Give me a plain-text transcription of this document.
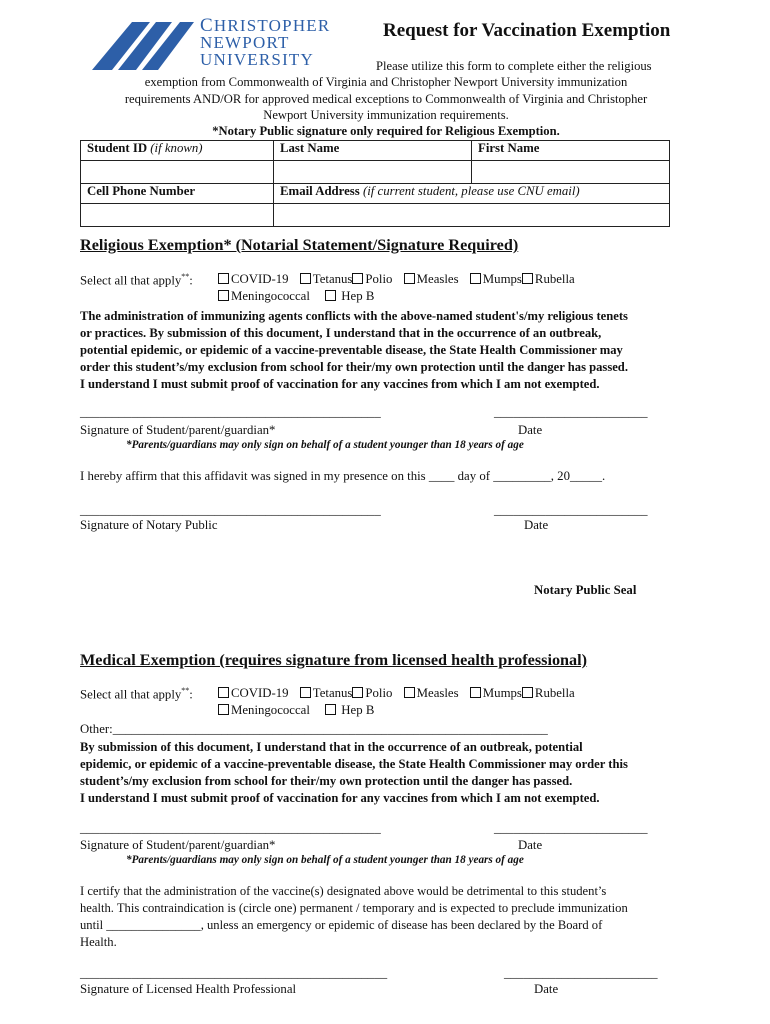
CHRISTOPHER
NEWPORT
UNIVERSITY
Request for Vaccination Exemption
Please utilize this form to complete either the religious
exemption from Commonwealth of Virginia and Christopher Newport University immunization
requirements AND/OR for approved medical exceptions to Commonwealth of Virginia and Christopher
Newport University immunization requirements.
*Notary Public signature only required for Religious Exemption.
Student ID (if known)	Last Name	First Name

Cell Phone Number	Email Address (if current student, please use CNU email)	

Religious Exemption* (Notarial Statement/Signature Required)
Select all that apply**:	COVID-19 Tetanus Polio Measles Mumps Rubella
Meningococcal Hep B
The administration of immunizing agents conflicts with the above-named student's/my religious tenets
or practices. By submission of this document, I understand that in the occurrence of an outbreak,
potential epidemic, or epidemic of a vaccine-preventable disease, the State Health Commissioner may
order this student’s/my exclusion from school for their/my own protection until the danger has passed.
I understand I must submit proof of vaccination for any vaccines from which I am not exempted.
_______________________________________________	________________________
Signature of Student/parent/guardian*	Date
*Parents/guardians may only sign on behalf of a student younger than 18 years of age
I hereby affirm that this affidavit was signed in my presence on this ____ day of _________, 20_____.
_______________________________________________	________________________
Signature of Notary Public	Date
Notary Public Seal
Medical Exemption (requires signature from licensed health professional)
Select all that apply**:	COVID-19 Tetanus Polio Measles Mumps Rubella
Meningococcal Hep B
Other:____________________________________________________________________
By submission of this document, I understand that in the occurrence of an outbreak, potential
epidemic, or epidemic of a vaccine-preventable disease, the State Health Commissioner may order this
student’s/my exclusion from school for their/my own protection until the danger has passed.
I understand I must submit proof of vaccination for any vaccines from which I am not exempted.
_______________________________________________	________________________
Signature of Student/parent/guardian*	Date
*Parents/guardians may only sign on behalf of a student younger than 18 years of age
I certify that the administration of the vaccine(s) designated above would be detrimental to this student’s
health. This contraindication is (circle one) permanent / temporary and is expected to preclude immunization
until _______________, unless an emergency or epidemic of disease has been declared by the Board of
Health.
________________________________________________	________________________
Signature of Licensed Health Professional	Date
